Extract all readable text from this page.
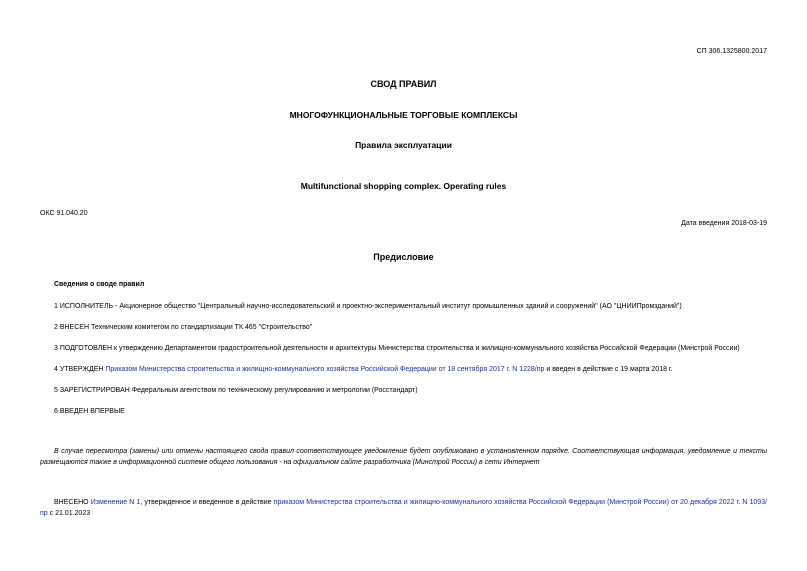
СП 306.1325800.2017
СВОД ПРАВИЛ
МНОГОФУНКЦИОНАЛЬНЫЕ ТОРГОВЫЕ КОМПЛЕКСЫ
Правила эксплуатации
Multifunctional shopping complex. Operating rules
ОКС 91.040.20
Дата введения 2018-03-19
Предисловие
Сведения о своде правил
1 ИСПОЛНИТЕЛЬ - Акционерное общество "Центральный научно-исследовательский и проектно-экспериментальный институт промышленных зданий и сооружений" (АО "ЦНИИПромзданий")
2 ВНЕСЕН Техническим комитетом по стандартизации ТК 465 "Строительство"
3 ПОДГОТОВЛЕН к утверждению Департаментом градостроительной деятельности и архитектуры Министерства строительства и жилищно-коммунального хозяйства Российской Федерации (Минстрой России)
4 УТВЕРЖДЕН Приказом Министерства строительства и жилищно-коммунального хозяйства Российской Федерации от 18 сентября 2017 г. N 1228/пр и введен в действие с 19 марта 2018 г.
5 ЗАРЕГИСТРИРОВАН Федеральным агентством по техническому регулированию и метрологии (Росстандарт)
6 ВВЕДЕН ВПЕРВЫЕ
В случае пересмотра (замены) или отмены настоящего свода правил соответствующее уведомление будет опубликовано в установленном порядке. Соответствующая информация, уведомление и тексты размещаются также в информационной системе общего пользования - на официальном сайте разработчика (Минстрой России) в сети Интернет
ВНЕСЕНО Изменение N 1, утвержденное и введенное в действие приказом Министерства строительства и жилищно-коммунального хозяйства Российской Федерации (Минстрой России) от 20 декабря 2022 г. N 1093/пр с 21.01.2023
